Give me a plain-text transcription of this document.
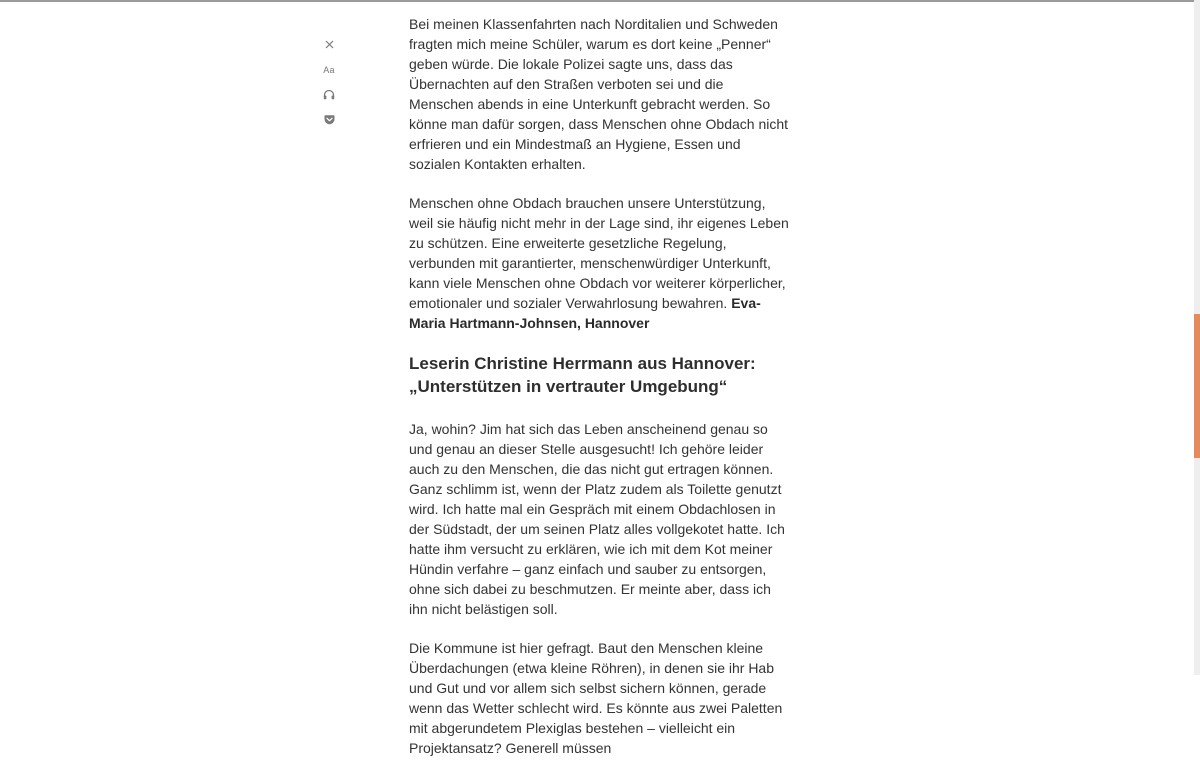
Aa

Bei meinen Klassenfahrten nach Norditalien und Schweden fragten mich meine Schüler, warum es dort keine „Penner“ geben würde. Die lokale Polizei sagte uns, dass das Übernachten auf den Straßen verboten sei und die Menschen abends in eine Unterkunft gebracht werden. So könne man dafür sorgen, dass Menschen ohne Obdach nicht erfrieren und ein Mindestmaß an Hygiene, Essen und sozialen Kontakten erhalten.

Menschen ohne Obdach brauchen unsere Unterstützung, weil sie häufig nicht mehr in der Lage sind, ihr eigenes Leben zu schützen. Eine erweiterte gesetzliche Regelung, verbunden mit garantierter, menschenwürdiger Unterkunft, kann viele Menschen ohne Obdach vor weiterer körperlicher, emotionaler und sozialer Verwahrlosung bewahren. Eva-Maria Hartmann-Johnsen, Hannover

Leserin Christine Herrmann aus Hannover:
„Unterstützen in vertrauter Umgebung“

Ja, wohin? Jim hat sich das Leben anscheinend genau so und genau an dieser Stelle ausgesucht! Ich gehöre leider auch zu den Menschen, die das nicht gut ertragen können. Ganz schlimm ist, wenn der Platz zudem als Toilette genutzt wird. Ich hatte mal ein Gespräch mit einem Obdachlosen in der Südstadt, der um seinen Platz alles vollgekotet hatte. Ich hatte ihm versucht zu erklären, wie ich mit dem Kot meiner Hündin verfahre – ganz einfach und sauber zu entsorgen, ohne sich dabei zu beschmutzen. Er meinte aber, dass ich ihn nicht belästigen soll.

Die Kommune ist hier gefragt. Baut den Menschen kleine Überdachungen (etwa kleine Röhren), in denen sie ihr Hab und Gut und vor allem sich selbst sichern können, gerade wenn das Wetter schlecht wird. Es könnte aus zwei Paletten mit abgerundetem Plexiglas bestehen – vielleicht ein Projektansatz? Generell müssen
